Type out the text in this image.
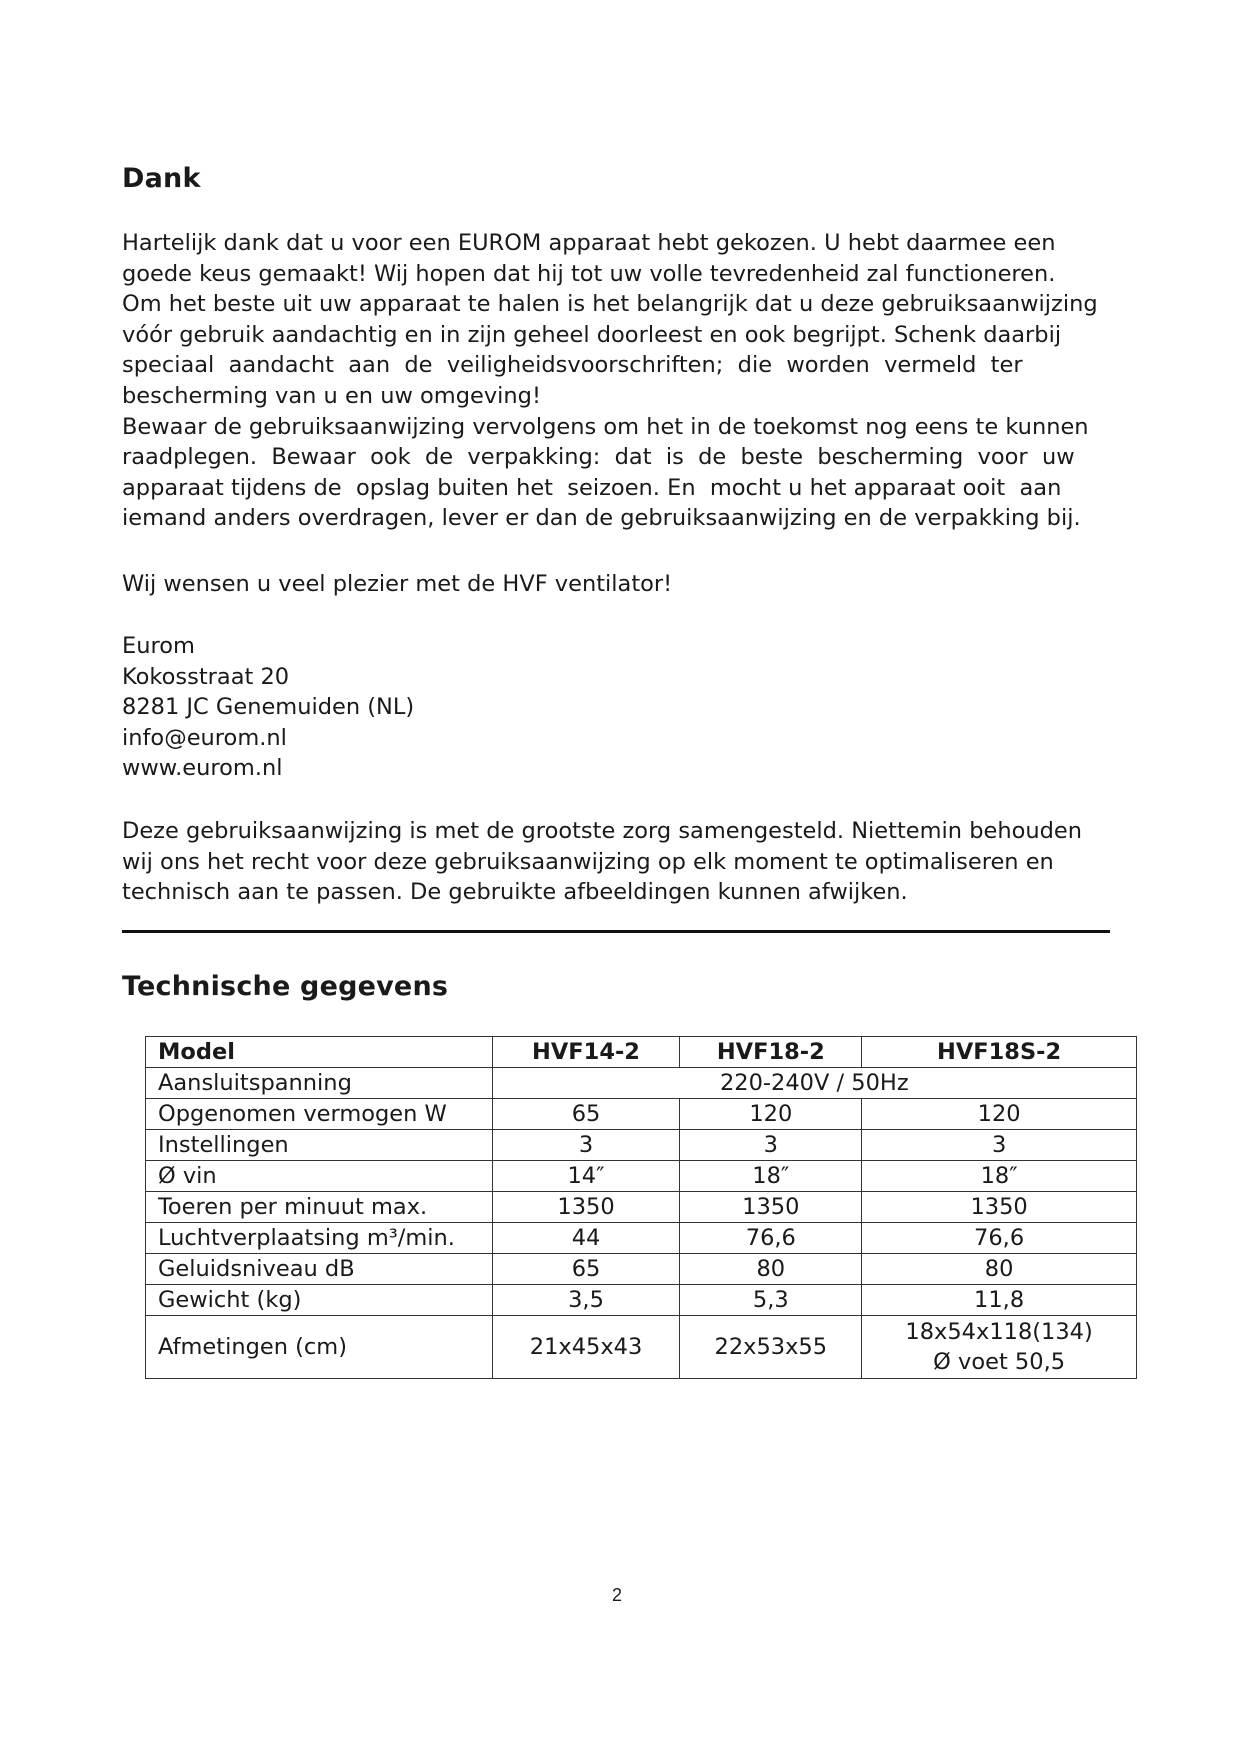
Dank
Hartelijk dank dat u voor een EUROM apparaat hebt gekozen. U hebt daarmee een
goede keus gemaakt! Wij hopen dat hij tot uw volle tevredenheid zal functioneren.
Om het beste uit uw apparaat te halen is het belangrijk dat u deze gebruiksaanwijzing
vóór gebruik aandachtig en in zijn geheel doorleest en ook begrijpt. Schenk daarbij
speciaal  aandacht  aan  de  veiligheidsvoorschriften;  die  worden  vermeld  ter
bescherming van u en uw omgeving!
Bewaar de gebruiksaanwijzing vervolgens om het in de toekomst nog eens te kunnen
raadplegen.  Bewaar  ook  de  verpakking:  dat  is  de  beste  bescherming  voor  uw
apparaat tijdens de  opslag buiten het  seizoen. En  mocht u het apparaat ooit  aan
iemand anders overdragen, lever er dan de gebruiksaanwijzing en de verpakking bij.
Wij wensen u veel plezier met de HVF ventilator!
Eurom
Kokosstraat 20
8281 JC Genemuiden (NL)
info@eurom.nl
www.eurom.nl
Deze gebruiksaanwijzing is met de grootste zorg samengesteld. Niettemin behouden
wij ons het recht voor deze gebruiksaanwijzing op elk moment te optimaliseren en
technisch aan te passen. De gebruikte afbeeldingen kunnen afwijken.
Technische gegevens
Model	HVF14-2	HVF18-2	HVF18S-2
Aansluitspanning	220-240V / 50Hz		
Opgenomen vermogen W	65	120	120
Instellingen	3	3	3
Ø vin	14″	18″	18″
Toeren per minuut max.	1350	1350	1350
Luchtverplaatsing m³/min.	44	76,6	76,6
Geluidsniveau dB	65	80	80
Gewicht (kg)	3,5	5,3	11,8
Afmetingen (cm)	21x45x43	22x53x55	18x54x118(134)
Ø voet 50,5
2
